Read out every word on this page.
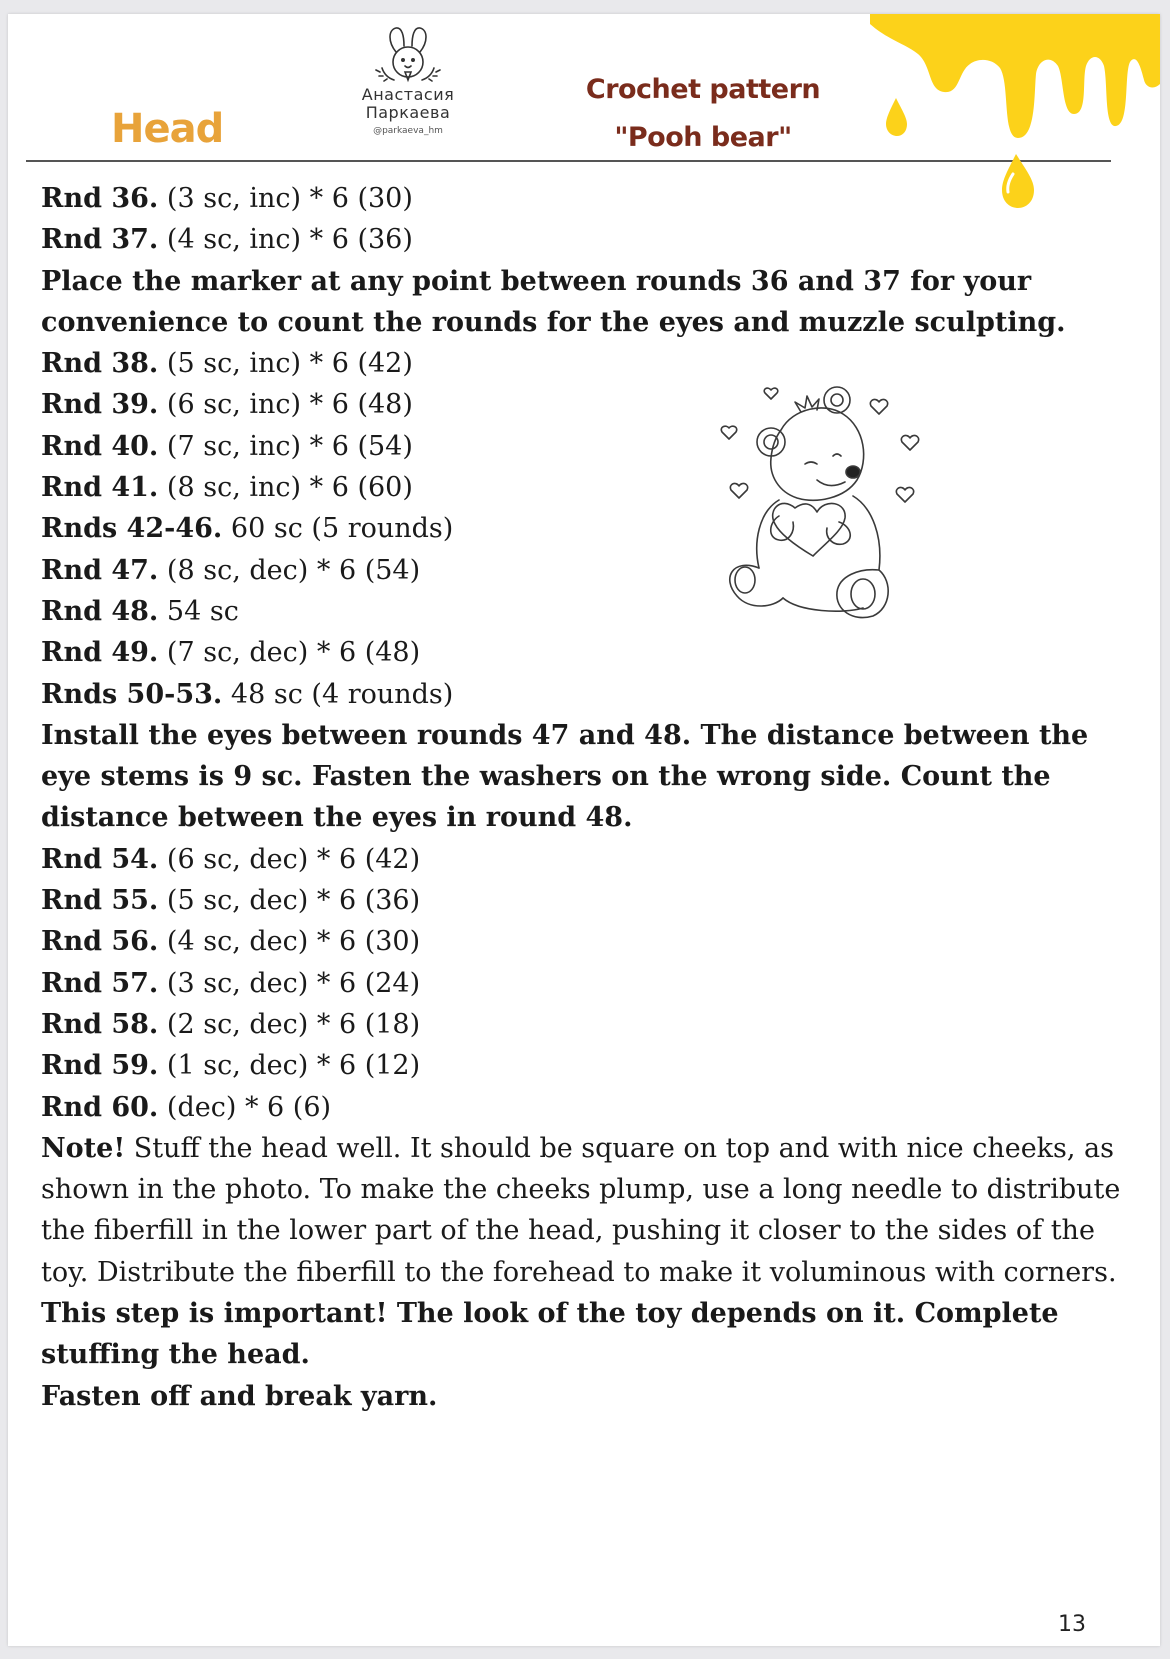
Head
Анастасия
Паркаева
@parkaeva_hm
Crochet pattern
"Pooh bear"
Rnd 36. (3 sc, inc) * 6 (30)
Rnd 37. (4 sc, inc) * 6 (36)
Place the marker at any point between rounds 36 and 37 for your convenience to count the rounds for the eyes and muzzle sculpting.
Rnd 38. (5 sc, inc) * 6 (42)
Rnd 39. (6 sc, inc) * 6 (48)
Rnd 40. (7 sc, inc) * 6 (54)
Rnd 41. (8 sc, inc) * 6 (60)
Rnds 42-46. 60 sc (5 rounds)
Rnd 47. (8 sc, dec) * 6 (54)
Rnd 48. 54 sc
Rnd 49. (7 sc, dec) * 6 (48)
Rnds 50-53. 48 sc (4 rounds)
Install the eyes between rounds 47 and 48. The distance between the eye stems is 9 sc. Fasten the washers on the wrong side. Count the distance between the eyes in round 48.
Rnd 54. (6 sc, dec) * 6 (42)
Rnd 55. (5 sc, dec) * 6 (36)
Rnd 56. (4 sc, dec) * 6 (30)
Rnd 57. (3 sc, dec) * 6 (24)
Rnd 58. (2 sc, dec) * 6 (18)
Rnd 59. (1 sc, dec) * 6 (12)
Rnd 60. (dec) * 6 (6)
Note! Stuff the head well. It should be square on top and with nice cheeks, as shown in the photo. To make the cheeks plump, use a long needle to distribute the fiberfill in the lower part of the head, pushing it closer to the sides of the toy. Distribute the fiberfill to the forehead to make it voluminous with corners.
This step is important! The look of the toy depends on it. Complete stuffing the head.
Fasten off and break yarn.
13
